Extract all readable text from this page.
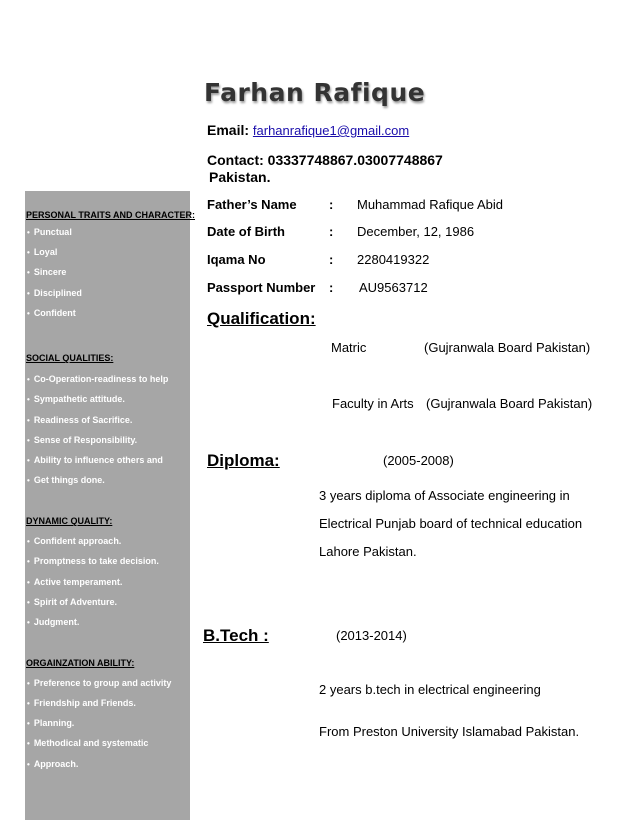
Farhan Rafique
Email: farhanrafique1@gmail.com
Contact: 03337748867.03007748867
Pakistan.
PERSONAL TRAITS AND CHARACTER:
• Punctual
• Loyal
• Sincere
• Disciplined
• Confident
SOCIAL QUALITIES:
• Co-Operation-readiness to help
• Sympathetic attitude.
• Readiness of Sacrifice.
• Sense of Responsibility.
• Ability to influence others and
• Get things done.
DYNAMIC QUALITY:
• Confident approach.
• Promptness to take decision.
• Active temperament.
• Spirit of Adventure.
• Judgment.
ORGAINZATION ABILITY:
• Preference to group and activity
• Friendship and Friends.
• Planning.
• Methodical and systematic
• Approach.
Father’s Name : Muhammad Rafique Abid
Date of Birth	: December, 12, 1986
Iqama No	: 2280419322
Passport Number : AU9563712
Qualification:
Matric	(Gujranwala Board Pakistan)
Faculty in Arts (Gujranwala Board Pakistan)
Diploma:	(2005-2008)
3 years diploma of Associate engineering in
Electrical Punjab board of technical education
Lahore Pakistan.
B.Tech :	(2013-2014)
2 years b.tech in electrical engineering
From Preston University Islamabad Pakistan.
